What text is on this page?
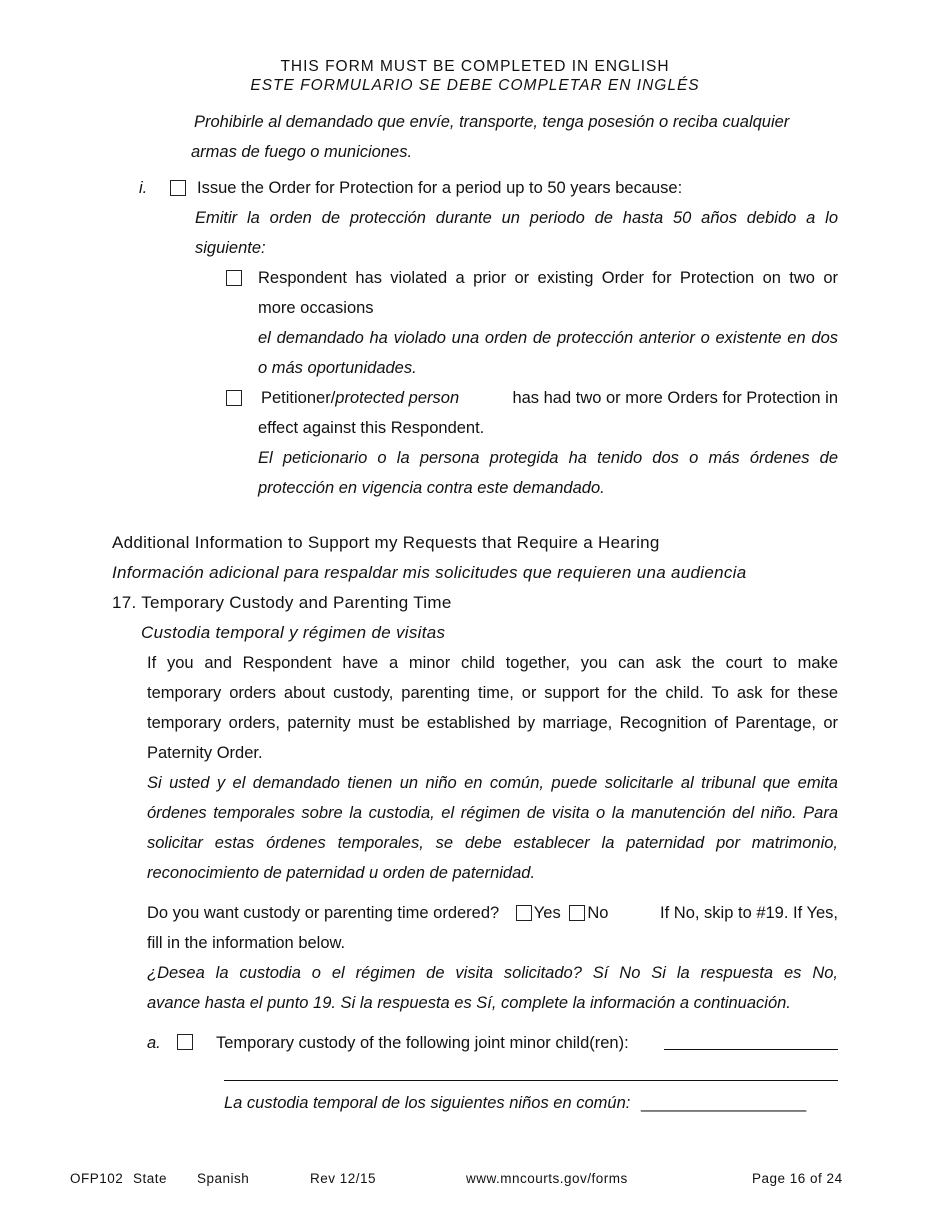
THIS FORM MUST BE COMPLETED IN ENGLISH
ESTE FORMULARIO SE DEBE COMPLETAR EN INGLÉS
Prohibirle al demandado que envíe, transporte, tenga posesión o reciba cualquier
armas de fuego o municiones.
i.	Issue the Order for Protection for a period up to 50 years because:
Emitir la orden de protección durante un periodo de hasta 50 años debido a lo
siguiente:
Respondent has violated a prior or existing Order for Protection on two or
more occasions
el demandado ha violado una orden de protección anterior o existente en dos
o más oportunidades.
Petitioner/protected person	has had two or more Orders for Protection in
effect against this Respondent.
El peticionario o la persona protegida ha tenido dos o más órdenes de
protección en vigencia contra este demandado.
Additional Information to Support my Requests that Require a Hearing
Información adicional para respaldar mis solicitudes que requieren una audiencia
17. Temporary Custody and Parenting Time
Custodia temporal y régimen de visitas
If you and Respondent have a minor child together, you can ask the court to make
temporary orders about custody, parenting time, or support for the child. To ask for these
temporary orders, paternity must be established by marriage, Recognition of Parentage, or
Paternity Order.
Si usted y el demandado tienen un niño en común, puede solicitarle al tribunal que emita
órdenes temporales sobre la custodia, el régimen de visita o la manutención del niño. Para
solicitar estas órdenes temporales, se debe establecer la paternidad por matrimonio,
reconocimiento de paternidad u orden de paternidad.
Do you want custody or parenting time ordered? Yes No	If No, skip to #19. If Yes,
fill in the information below.
¿Desea la custodia o el régimen de visita solicitado? Sí No Si la respuesta es No,
avance hasta el punto 19. Si la respuesta es Sí, complete la información a continuación.
a.	Temporary custody of the following joint minor child(ren):
La custodia temporal de los siguientes niños en común: __________________
OFP102 State Spanish	Rev 12/15	www.mncourts.gov/forms	Page 16 of 24
